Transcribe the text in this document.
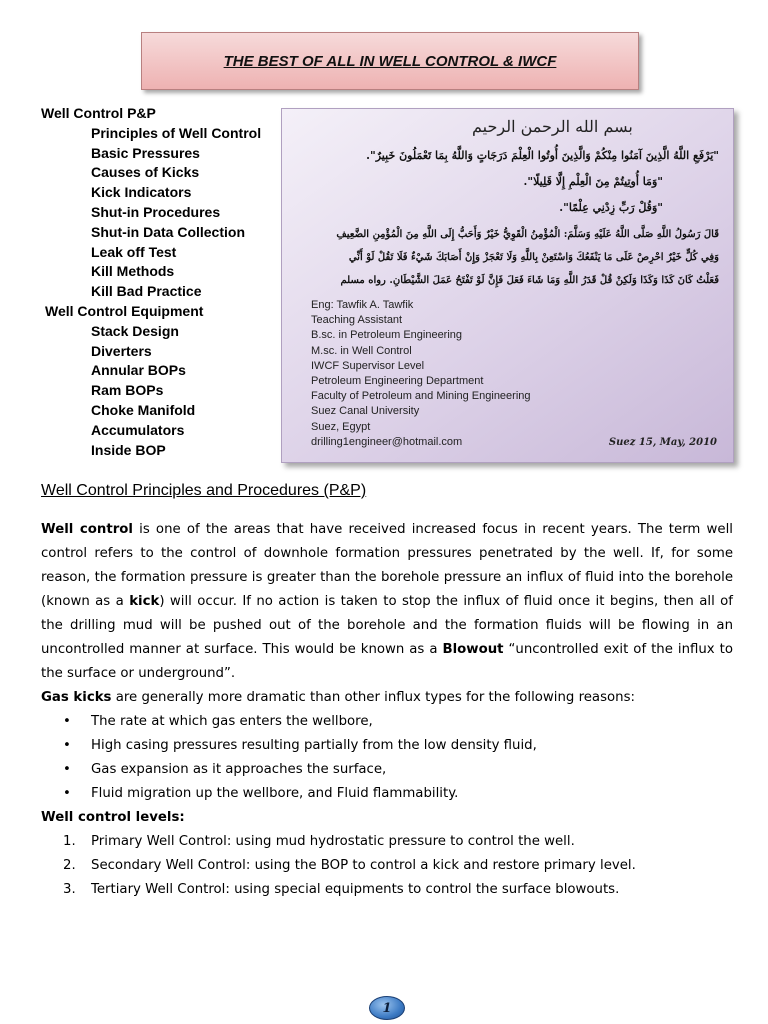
THE BEST OF ALL IN WELL CONTROL & IWCF
Well Control P&P
Principles of Well Control
Basic Pressures
Causes of Kicks
Kick Indicators
Shut-in Procedures
Shut-in Data Collection
Leak off Test
Kill Methods
Kill Bad Practice
Well Control Equipment
Stack Design
Diverters
Annular BOPs
Ram BOPs
Choke Manifold
Accumulators
Inside BOP
بسم الله الرحمن الرحيم
"يَرْفَعِ اللَّهُ الَّذِينَ آمَنُوا مِنْكُمْ وَالَّذِينَ أُوتُوا الْعِلْمَ دَرَجَاتٍ وَاللَّهُ بِمَا تَعْمَلُونَ خَبِيرٌ".
"وَمَا أُوتِيتُمْ مِنَ الْعِلْمِ إِلَّا قَلِيلًا".
"وَقُلْ رَبِّ زِدْنِي عِلْمًا".
قَالَ رَسُولُ اللَّهِ صَلَّى اللَّهُ عَلَيْهِ وَسَلَّمَ: الْمُؤْمِنُ الْقَوِيُّ خَيْرٌ وَأَحَبُّ إِلَى اللَّهِ مِنَ الْمُؤْمِنِ الضَّعِيفِ
وَفِي كُلٍّ خَيْرٌ احْرِصْ عَلَى مَا يَنْفَعُكَ وَاسْتَعِنْ بِاللَّهِ وَلَا تَعْجَزْ وَإِنْ أَصَابَكَ شَيْءٌ فَلَا تَقُلْ لَوْ أَنِّي
فَعَلْتُ كَانَ كَذَا وَكَذَا وَلَكِنْ قُلْ قَدَرُ اللَّهِ وَمَا شَاءَ فَعَلَ فَإِنَّ لَوْ تَفْتَحُ عَمَلَ الشَّيْطَانِ. رواه مسلم
Eng: Tawfik A. Tawfik
Teaching Assistant
B.sc. in Petroleum Engineering
M.sc. in Well Control
IWCF Supervisor Level
Petroleum Engineering Department
Faculty of Petroleum and Mining Engineering
Suez Canal University
Suez, Egypt
drilling1engineer@hotmail.com	Suez 15, May, 2010
Well Control Principles and Procedures (P&P)

Well control is one of the areas that have received increased focus in recent years. The term well control refers to the control of downhole formation pressures penetrated by the well. If, for some reason, the formation pressure is greater than the borehole pressure an influx of fluid into the borehole (known as a kick) will occur. If no action is taken to stop the influx of fluid once it begins, then all of the drilling mud will be pushed out of the borehole and the formation fluids will be flowing in an uncontrolled manner at surface. This would be known as a Blowout “uncontrolled exit of the influx to the surface or underground”.

Gas kicks are generally more dramatic than other influx types for the following reasons:

• The rate at which gas enters the wellbore,
• High casing pressures resulting partially from the low density fluid,
• Gas expansion as it approaches the surface,
• Fluid migration up the wellbore, and Fluid flammability.

Well control levels:

1. Primary Well Control: using mud hydrostatic pressure to control the well.
2. Secondary Well Control: using the BOP to control a kick and restore primary level.
3. Tertiary Well Control: using special equipments to control the surface blowouts.
1
